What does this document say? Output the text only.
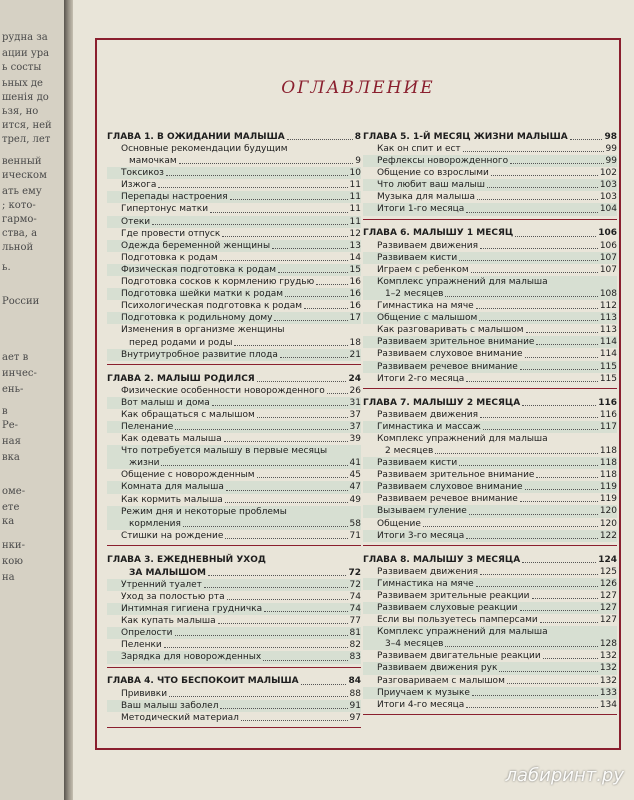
рудна за
ации ура
ь состы
ьных де
шенія до
ьзя, но
ится, ней
трел, лет
венный
ическом
ать ему
; кото-
гармо-
ства, а
льной
ь.
России
ает в
инчес-
ень-
в
Ре-
ная
вка
оме-
ете
ка
нки-
кою
на
ОГЛАВЛЕНИЕ
ГЛАВА 1. В ОЖИДАНИИ МАЛЫША	8
Основные рекомендации будущим
мамочкам	9
Токсикоз	10
Изжога	11
Перепады настроения	11
Гипертонус матки	11
Отеки	11
Где провести отпуск	12
Одежда беременной женщины	13
Подготовка к родам	14
Физическая подготовка к родам	15
Подготовка сосков к кормлению грудью	16
Подготовка шейки матки к родам	16
Психологическая подготовка к родам	16
Подготовка к родильному дому	17
Изменения в организме женщины
перед родами и роды	18
Внутриутробное развитие плода	21
ГЛАВА 2. МАЛЫШ РОДИЛСЯ	24
Физические особенности новорожденного	26
Вот малыш и дома	31
Как обращаться с малышом	37
Пеленание	37
Как одевать малыша	39
Что потребуется малышу в первые месяцы
жизни	41
Общение с новорожденным	45
Комната для малыша	47
Как кормить малыша	49
Режим дня и некоторые проблемы
кормления	58
Стишки на рождение	71
ГЛАВА 3. ЕЖЕДНЕВНЫЙ УХОД
ЗА МАЛЫШОМ	72
Утренний туалет	72
Уход за полостью рта	74
Интимная гигиена грудничка	74
Как купать малыша	77
Опрелости	81
Пеленки	82
Зарядка для новорожденных	83
ГЛАВА 4. ЧТО БЕСПОКОИТ МАЛЫША	84
Прививки	88
Ваш малыш заболел	91
Методический материал	97
ГЛАВА 5. 1-Й МЕСЯЦ ЖИЗНИ МАЛЫША	98
Как он спит и ест	99
Рефлексы новорожденного	99
Общение со взрослыми	102
Что любит ваш малыш	103
Музыка для малыша	103
Итоги 1-го месяца	104
ГЛАВА 6. МАЛЫШУ 1 МЕСЯЦ	106
Развиваем движения	106
Развиваем кисти	107
Играем с ребенком	107
Комплекс упражнений для малыша
1–2 месяцев	108
Гимнастика на мяче	112
Общение с малышом	113
Как разговаривать с малышом	113
Развиваем зрительное внимание	114
Развиваем слуховое внимание	114
Развиваем речевое внимание	115
Итоги 2-го месяца	115
ГЛАВА 7. МАЛЫШУ 2 МЕСЯЦА	116
Развиваем движения	116
Гимнастика и массаж	117
Комплекс упражнений для малыша
2 месяцев	118
Развиваем кисти	118
Развиваем зрительное внимание	118
Развиваем слуховое внимание	119
Развиваем речевое внимание	119
Вызываем гуление	120
Общение	120
Итоги 3-го месяца	122
ГЛАВА 8. МАЛЫШУ 3 МЕСЯЦА	124
Развиваем движения	125
Гимнастика на мяче	126
Развиваем зрительные реакции	127
Развиваем слуховые реакции	127
Если вы пользуетесь памперсами	127
Комплекс упражнений для малыша
3–4 месяцев	128
Развиваем двигательные реакции	132
Развиваем движения рук	132
Разговариваем с малышом	132
Приучаем к музыке	133
Итоги 4-го месяца	134
лабиринт.ру
